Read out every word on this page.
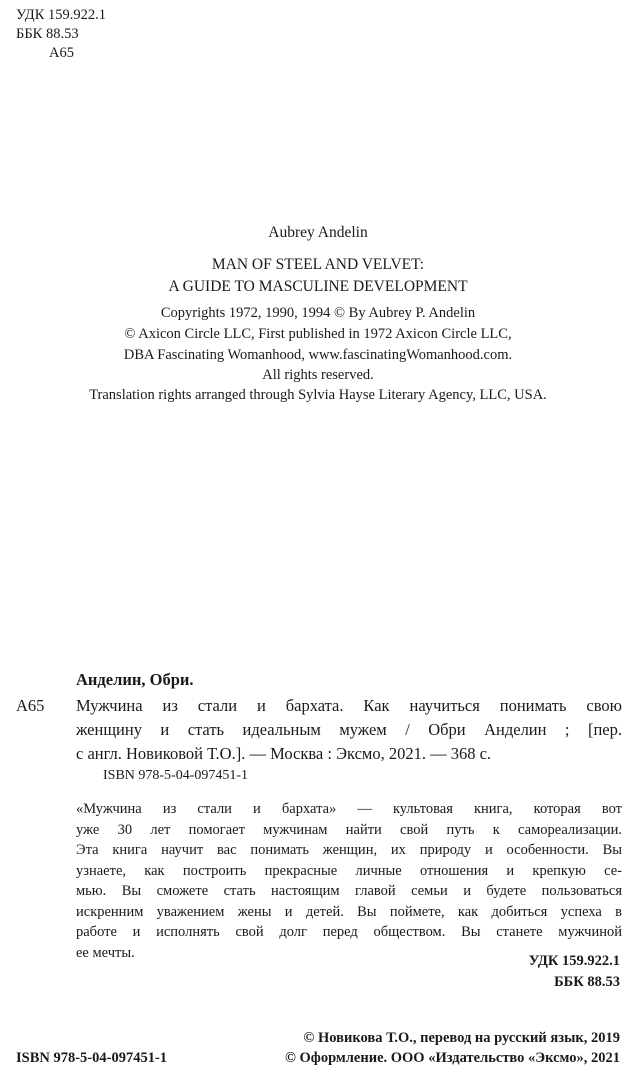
УДК 159.922.1
ББК 88.53
А65
Aubrey Andelin
MAN OF STEEL AND VELVET:
A GUIDE TO MASCULINE DEVELOPMENT
Copyrights 1972, 1990, 1994 © By Aubrey P. Andelin
© Axicon Circle LLC, First published in 1972 Axicon Circle LLC,
DBA Fascinating Womanhood, www.fascinatingWomanhood.com.
All rights reserved.
Translation rights arranged through Sylvia Hayse Literary Agency, LLC, USA.
Анделин, Обри.
А65 Мужчина из стали и бархата. Как научиться понимать свою
женщину и стать идеальным мужем / Обри Анделин ; [пер.
с англ. Новиковой Т.О.]. — Москва : Эксмо, 2021. — 368 с.
ISBN 978-5-04-097451-1
«Мужчина из стали и бархата» — культовая книга, которая вот
уже 30 лет помогает мужчинам найти свой путь к самореализации.
Эта книга научит вас понимать женщин, их природу и особенности. Вы
узнаете, как построить прекрасные личные отношения и крепкую се-
мью. Вы сможете стать настоящим главой семьи и будете пользоваться
искренним уважением жены и детей. Вы поймете, как добиться успеха в
работе и исполнять свой долг перед обществом. Вы станете мужчиной
ее мечты.
УДК 159.922.1
ББК 88.53
© Новикова Т.О., перевод на русский язык, 2019
ISBN 978-5-04-097451-1	© Оформление. ООО «Издательство «Эксмо», 2021
